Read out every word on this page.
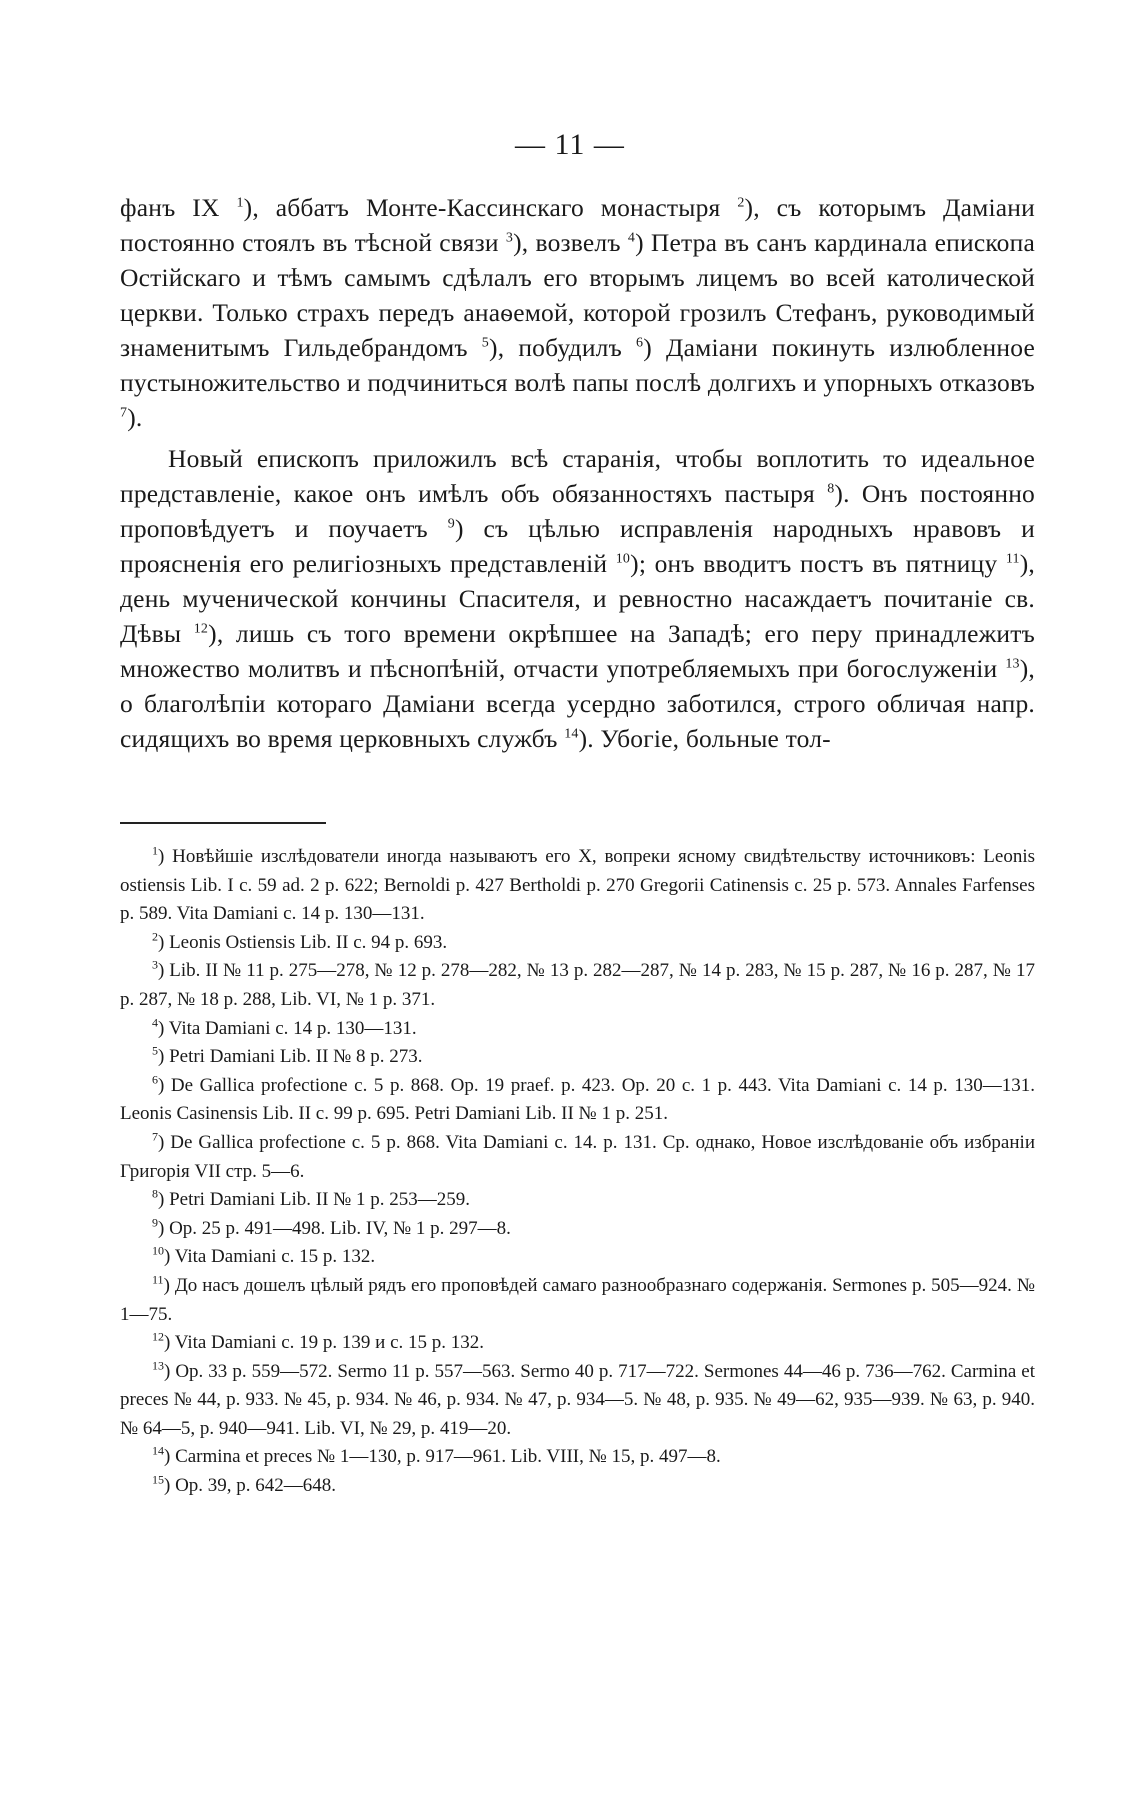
— 11 —

фанъ IX $^1$), аббатъ Монте-Кассинскаго монастыря $^2$), съ которымъ Даміани постоянно стоялъ въ тѣсной связи $^3$), возвелъ $^4$) Петра въ санъ кардинала епископа Остійскаго и тѣмъ самымъ сдѣлалъ его вторымъ лицемъ во всей католической церкви. Только страхъ передъ анаѳемой, которой грозилъ Стефанъ, руководимый знаменитымъ Гильдебрандомъ $^5$), побудилъ $^6$) Даміани покинуть излюбленное пустыножительство и подчиниться волѣ папы послѣ долгихъ и упорныхъ отказовъ $^7$).

Новый епископъ приложилъ всѣ старанія, чтобы воплотить то идеальное представленіе, какое онъ имѣлъ объ обязанностяхъ пастыря $^8$). Онъ постоянно проповѣдуетъ и поучаетъ $^9$) съ цѣлью исправленія народныхъ нравовъ и проясненія его религіозныхъ представленій $^{10}$); онъ вводитъ постъ въ пятницу $^{11}$), день мученической кончины Спасителя, и ревностно насаждаетъ почитаніе св. Дѣвы $^{12}$), лишь съ того времени окрѣпшее на Западѣ; его перу принадлежитъ множество молитвъ и пѣснопѣній, отчасти употребляемыхъ при богослуженіи $^{13}$), о благолѣпіи котораго Даміани всегда усердно заботился, строго обличая напр. сидящихъ во время церковныхъ службъ $^{14}$). Убогіе, больные тол-

$^1$) Новѣйшіе изслѣдователи иногда называютъ его X, вопреки ясному свидѣтельству источниковъ: Leonis ostiensis Lib. I c. 59 ad. 2 p. 622; Bernoldi p. 427 Bertholdi p. 270 Gregorii Catinensis c. 25 p. 573. Annales Farfenses p. 589. Vita Damiani c. 14 p. 130—131.

$^2$) Leonis Ostiensis Lib. II c. 94 p. 693.

$^3$) Lib. II № 11 p. 275—278, № 12 p. 278—282, № 13 p. 282—287, № 14 p. 283, № 15 p. 287, № 16 p. 287, № 17 p. 287, № 18 p. 288, Lib. VI, № 1 p. 371.

$^4$) Vita Damiani c. 14 p. 130—131.

$^5$) Petri Damiani Lib. II № 8 p. 273.

$^6$) De Gallica profectione c. 5 p. 868. Op. 19 praef. p. 423. Op. 20 c. 1 p. 443. Vita Damiani c. 14 p. 130—131. Leonis Casinensis Lib. II c. 99 p. 695. Petri Damiani Lib. II № 1 p. 251.

$^7$) De Gallica profectione c. 5 p. 868. Vita Damiani c. 14. p. 131. Ср. однако, Новое изслѣдованіе объ избраніи Григорія VII стр. 5—6.

$^8$) Petri Damiani Lib. II № 1 p. 253—259.

$^9$) Op. 25 p. 491—498. Lib. IV, № 1 p. 297—8.

$^{10}$) Vita Damiani c. 15 p. 132.

$^{11}$) До насъ дошелъ цѣлый рядъ его проповѣдей самаго разнообразнаго содержанія. Sermones p. 505—924. № 1—75.

$^{12}$) Vita Damiani c. 19 p. 139 и c. 15 p. 132.

$^{13}$) Op. 33 p. 559—572. Sermo 11 p. 557—563. Sermo 40 p. 717—722. Sermones 44—46 p. 736—762. Carmina et preces № 44, p. 933. № 45, p. 934. № 46, p. 934. № 47, p. 934—5. № 48, p. 935. № 49—62, 935—939. № 63, p. 940. № 64—5, p. 940—941. Lib. VI, № 29, p. 419—20.

$^{14}$) Carmina et preces № 1—130, p. 917—961. Lib. VIII, № 15, p. 497—8.

$^{15}$) Op. 39, p. 642—648.
